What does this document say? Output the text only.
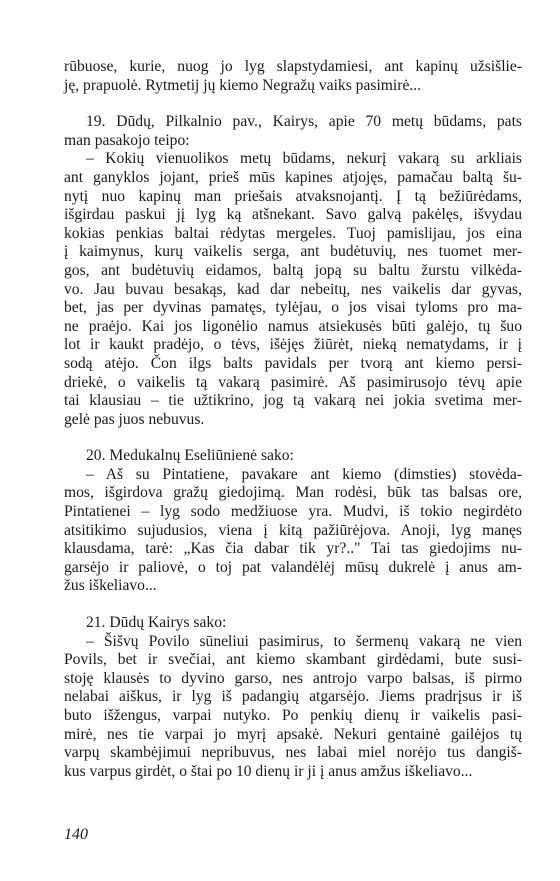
rūbuose, kurie, nuog jo lyg slapstydamiesi, ant kapinų užsišlie-
ję, prapuolė. Rytmetij jų kiemo Negražų vaiks pasimirė...
19. Dūdų, Pilkalnio pav., Kairys, apie 70 metų būdams, pats
man pasakojo teipo:
– Kokių vienuolikos metų būdams, nekurį vakarą su arkliais
ant ganyklos jojant, prieš mūs kapines atjojęs, pamačau baltą šu-
nytį nuo kapinų man priešais atvaksnojantį. Į tą bežiūrėdams,
išgirdau paskui jį lyg ką atšnekant. Savo galvą pakėlęs, išvydau
kokias penkias baltai rėdytas mergeles. Tuoj pamislijau, jos eina
į kaimynus, kurų vaikelis serga, ant budėtuvių, nes tuomet mer-
gos, ant budėtuvių eidamos, baltą jopą su baltu žurstu vilkėda-
vo. Jau buvau besakąs, kad dar nebeitų, nes vaikelis dar gyvas,
bet, jas per dyvinas pamatęs, tylėjau, o jos visai tyloms pro ma-
ne praėjo. Kai jos ligonėlio namus atsiekusės būti galėjo, tų šuo
lot ir kaukt pradėjo, o tėvs, išėjęs žiūrėt, nieką nematydams, ir į
sodą atėjo. Čon ilgs balts pavidals per tvorą ant kiemo persi-
driekė, o vaikelis tą vakarą pasimirė. Aš pasimirusojo tėvų apie
tai klausiau – tie užtikrino, jog tą vakarą nei jokia svetima mer-
gelė pas juos nebuvus.
20. Medukalnų Eseliūnienė sako:
– Aš su Pintatiene, pavakare ant kiemo (dimsties) stovėda-
mos, išgirdova gražų giedojimą. Man rodėsi, būk tas balsas ore,
Pintatienei – lyg sodo medžiuose yra. Mudvi, iš tokio negirdėto
atsitikimo sujudusios, viena į kitą pažiūrėjova. Anoji, lyg manęs
klausdama, tarė: „Kas čia dabar tik yr?.." Tai tas giedojims nu-
garsėjo ir paliovė, o toj pat valandėlėj mūsų dukrelė į anus am-
žus iškeliavo...
21. Dūdų Kairys sako:
– Šišvų Povilo sūneliui pasimirus, to šermenų vakarą ne vien
Povils, bet ir svečiai, ant kiemo skambant girdėdami, bute susi-
stoję klausės to dyvino garso, nes antrojo varpo balsas, iš pirmo
nelabai aiškus, ir lyg iš padangių atgarsėjo. Jiems pradrįsus ir iš
buto išžengus, varpai nutyko. Po penkių dienų ir vaikelis pasi-
mirė, nes tie varpai jo myrį apsakė. Nekuri gentainė gailėjos tų
varpų skambėjimui nepribuvus, nes labai miel norėjo tus dangiš-
kus varpus girdėt, o štai po 10 dienų ir ji į anus amžus iškeliavo...
140
